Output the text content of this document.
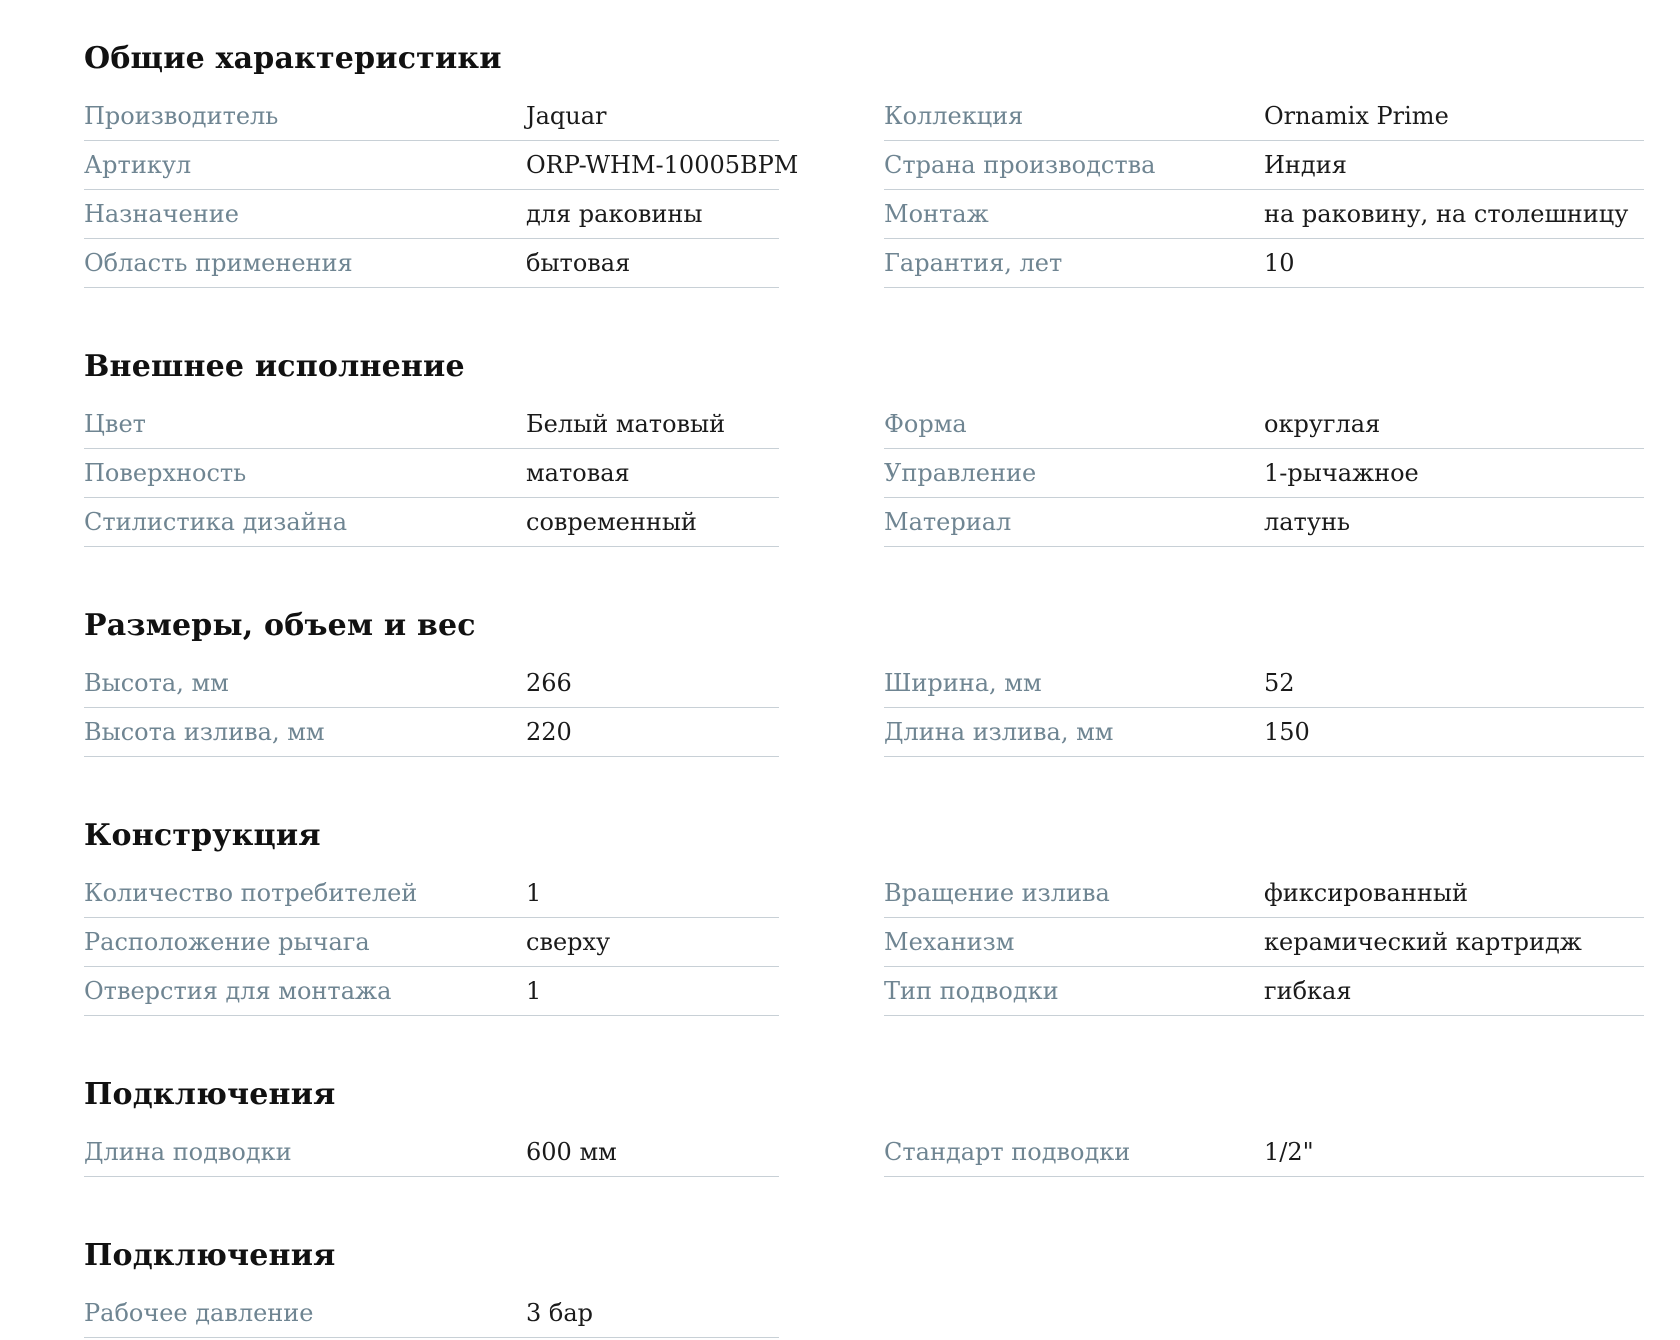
Общие характеристики
Производитель	Jaquar
Артикул	ORP-WHM-10005BPM
Назначение	для раковины
Область применения	бытовая
Коллекция	Ornamix Prime
Страна производства	Индия
Монтаж	на раковину, на столешницу
Гарантия, лет	10
Внешнее исполнение
Цвет	Белый матовый
Поверхность	матовая
Стилистика дизайна	современный
Форма	округлая
Управление	1-рычажное
Материал	латунь
Размеры, объем и вес
Высота, мм	266
Высота излива, мм	220
Ширина, мм	52
Длина излива, мм	150
Конструкция
Количество потребителей	1
Расположение рычага	сверху
Отверстия для монтажа	1
Вращение излива	фиксированный
Механизм	керамический картридж
Тип подводки	гибкая
Подключения
Длина подводки	600 мм	Стандарт подводки	1/2"
Подключения
Рабочее давление	3 бар
